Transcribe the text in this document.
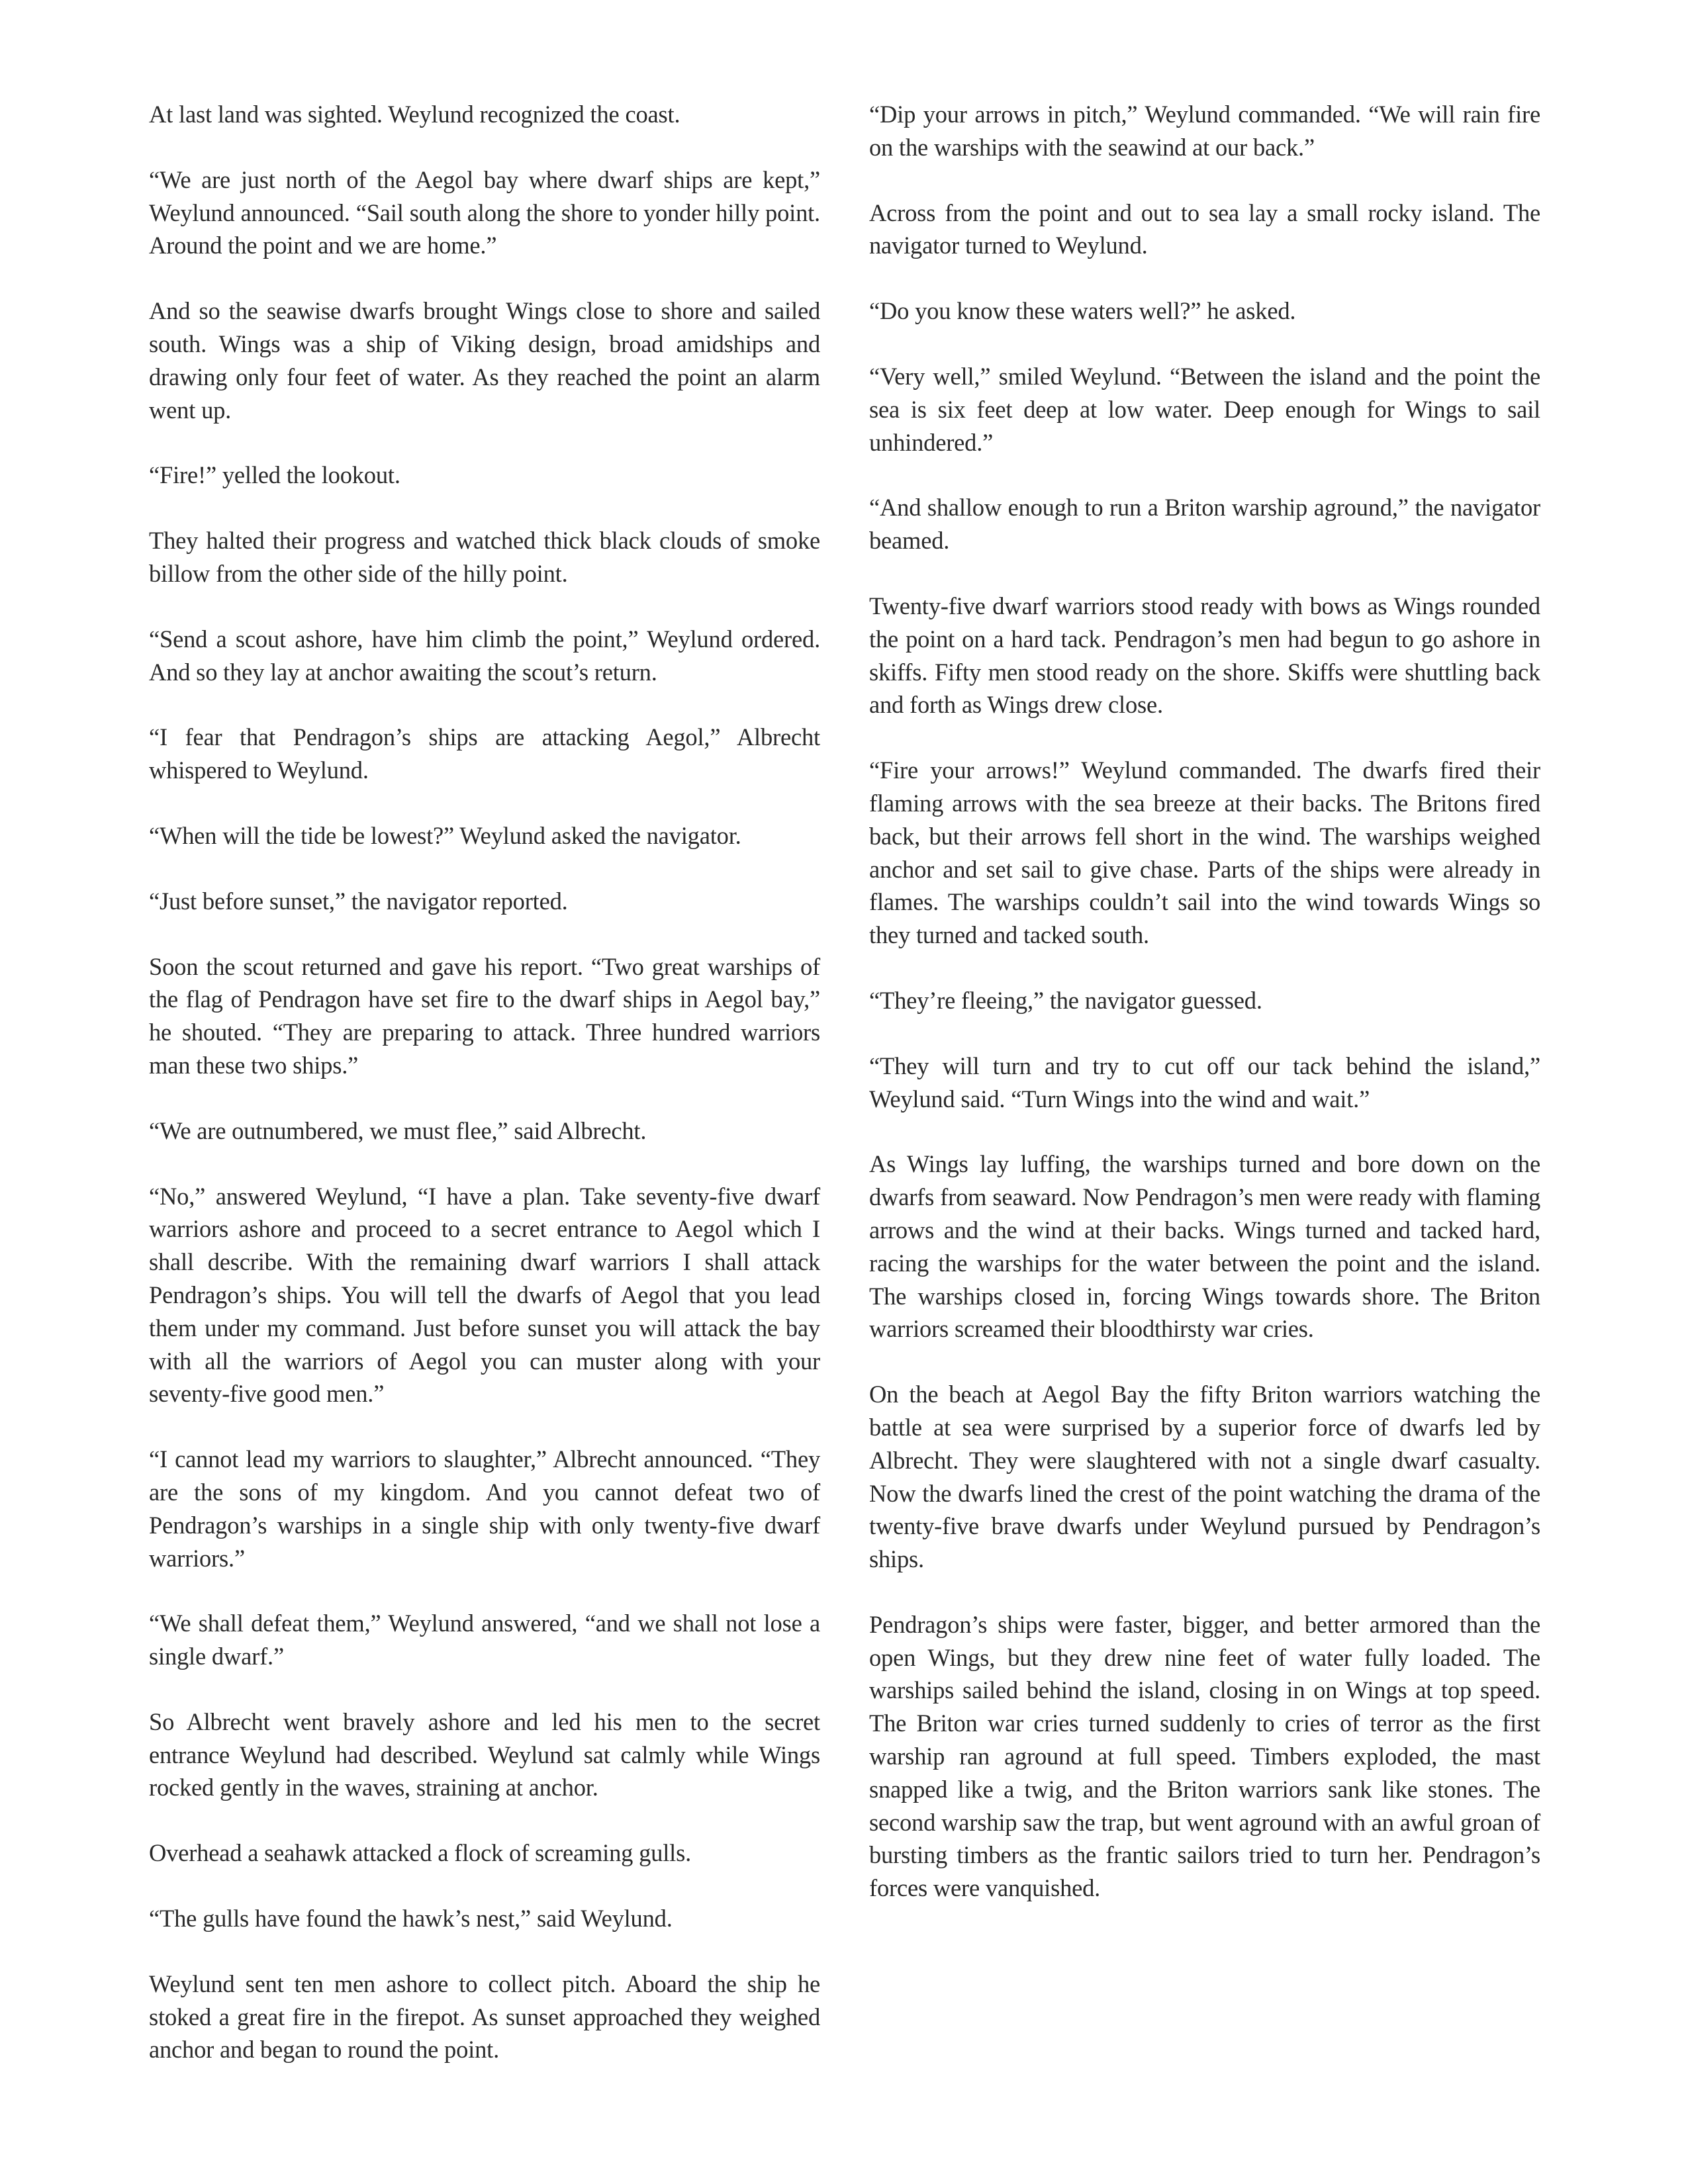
At last land was sighted. Weylund recognized the coast.

“We are just north of the Aegol bay where dwarf ships are kept,” Weylund announced. “Sail south along the shore to yonder hilly point. Around the point and we are home.”

And so the seawise dwarfs brought Wings close to shore and sailed south. Wings was a ship of Viking design, broad amidships and drawing only four feet of water. As they reached the point an alarm went up.

“Fire!” yelled the lookout.

They halted their progress and watched thick black clouds of smoke billow from the other side of the hilly point.

“Send a scout ashore, have him climb the point,” Weylund ordered. And so they lay at anchor awaiting the scout’s return.

“I fear that Pendragon’s ships are attacking Aegol,” Albrecht whispered to Weylund.

“When will the tide be lowest?” Weylund asked the navigator.

“Just before sunset,” the navigator reported.

Soon the scout returned and gave his report. “Two great warships of the flag of Pendragon have set fire to the dwarf ships in Aegol bay,” he shouted. “They are preparing to attack. Three hundred warriors man these two ships.”

“We are outnumbered, we must flee,” said Albrecht.

“No,” answered Weylund, “I have a plan. Take seventy-five dwarf warriors ashore and proceed to a secret entrance to Aegol which I shall describe. With the remaining dwarf warriors I shall attack Pendragon’s ships. You will tell the dwarfs of Aegol that you lead them under my command. Just before sunset you will attack the bay with all the warriors of Aegol you can muster along with your seventy-five good men.”

“I cannot lead my warriors to slaughter,” Albrecht announced. “They are the sons of my kingdom. And you cannot defeat two of Pendragon’s warships in a single ship with only twenty-five dwarf warriors.”

“We shall defeat them,” Weylund answered, “and we shall not lose a single dwarf.”

So Albrecht went bravely ashore and led his men to the secret entrance Weylund had described. Weylund sat calmly while Wings rocked gently in the waves, straining at anchor.

Overhead a seahawk attacked a flock of screaming gulls.

“The gulls have found the hawk’s nest,” said Weylund.

Weylund sent ten men ashore to collect pitch. Aboard the ship he stoked a great fire in the firepot. As sunset approached they weighed anchor and began to round the point.

“Dip your arrows in pitch,” Weylund commanded. “We will rain fire on the warships with the seawind at our back.”

Across from the point and out to sea lay a small rocky island. The navigator turned to Weylund.

“Do you know these waters well?” he asked.

“Very well,” smiled Weylund. “Between the island and the point the sea is six feet deep at low water. Deep enough for Wings to sail unhindered.”

“And shallow enough to run a Briton warship aground,” the navigator beamed.

Twenty-five dwarf warriors stood ready with bows as Wings rounded the point on a hard tack. Pendragon’s men had begun to go ashore in skiffs. Fifty men stood ready on the shore. Skiffs were shuttling back and forth as Wings drew close.

“Fire your arrows!” Weylund commanded. The dwarfs fired their flaming arrows with the sea breeze at their backs. The Britons fired back, but their arrows fell short in the wind. The warships weighed anchor and set sail to give chase. Parts of the ships were already in flames. The warships couldn’t sail into the wind towards Wings so they turned and tacked south.

“They’re fleeing,” the navigator guessed.

“They will turn and try to cut off our tack behind the island,” Weylund said. “Turn Wings into the wind and wait.”

As Wings lay luffing, the warships turned and bore down on the dwarfs from seaward. Now Pendragon’s men were ready with flaming arrows and the wind at their backs. Wings turned and tacked hard, racing the warships for the water between the point and the island. The warships closed in, forcing Wings towards shore. The Briton warriors screamed their bloodthirsty war cries.

On the beach at Aegol Bay the fifty Briton warriors watching the battle at sea were surprised by a superior force of dwarfs led by Albrecht. They were slaughtered with not a single dwarf casualty. Now the dwarfs lined the crest of the point watching the drama of the twenty-five brave dwarfs under Weylund pursued by Pendragon’s ships.

Pendragon’s ships were faster, bigger, and better armored than the open Wings, but they drew nine feet of water fully loaded. The warships sailed behind the island, closing in on Wings at top speed. The Briton war cries turned suddenly to cries of terror as the first warship ran aground at full speed. Timbers exploded, the mast snapped like a twig, and the Briton warriors sank like stones. The second warship saw the trap, but went aground with an awful groan of bursting timbers as the frantic sailors tried to turn her. Pendragon’s forces were vanquished.
